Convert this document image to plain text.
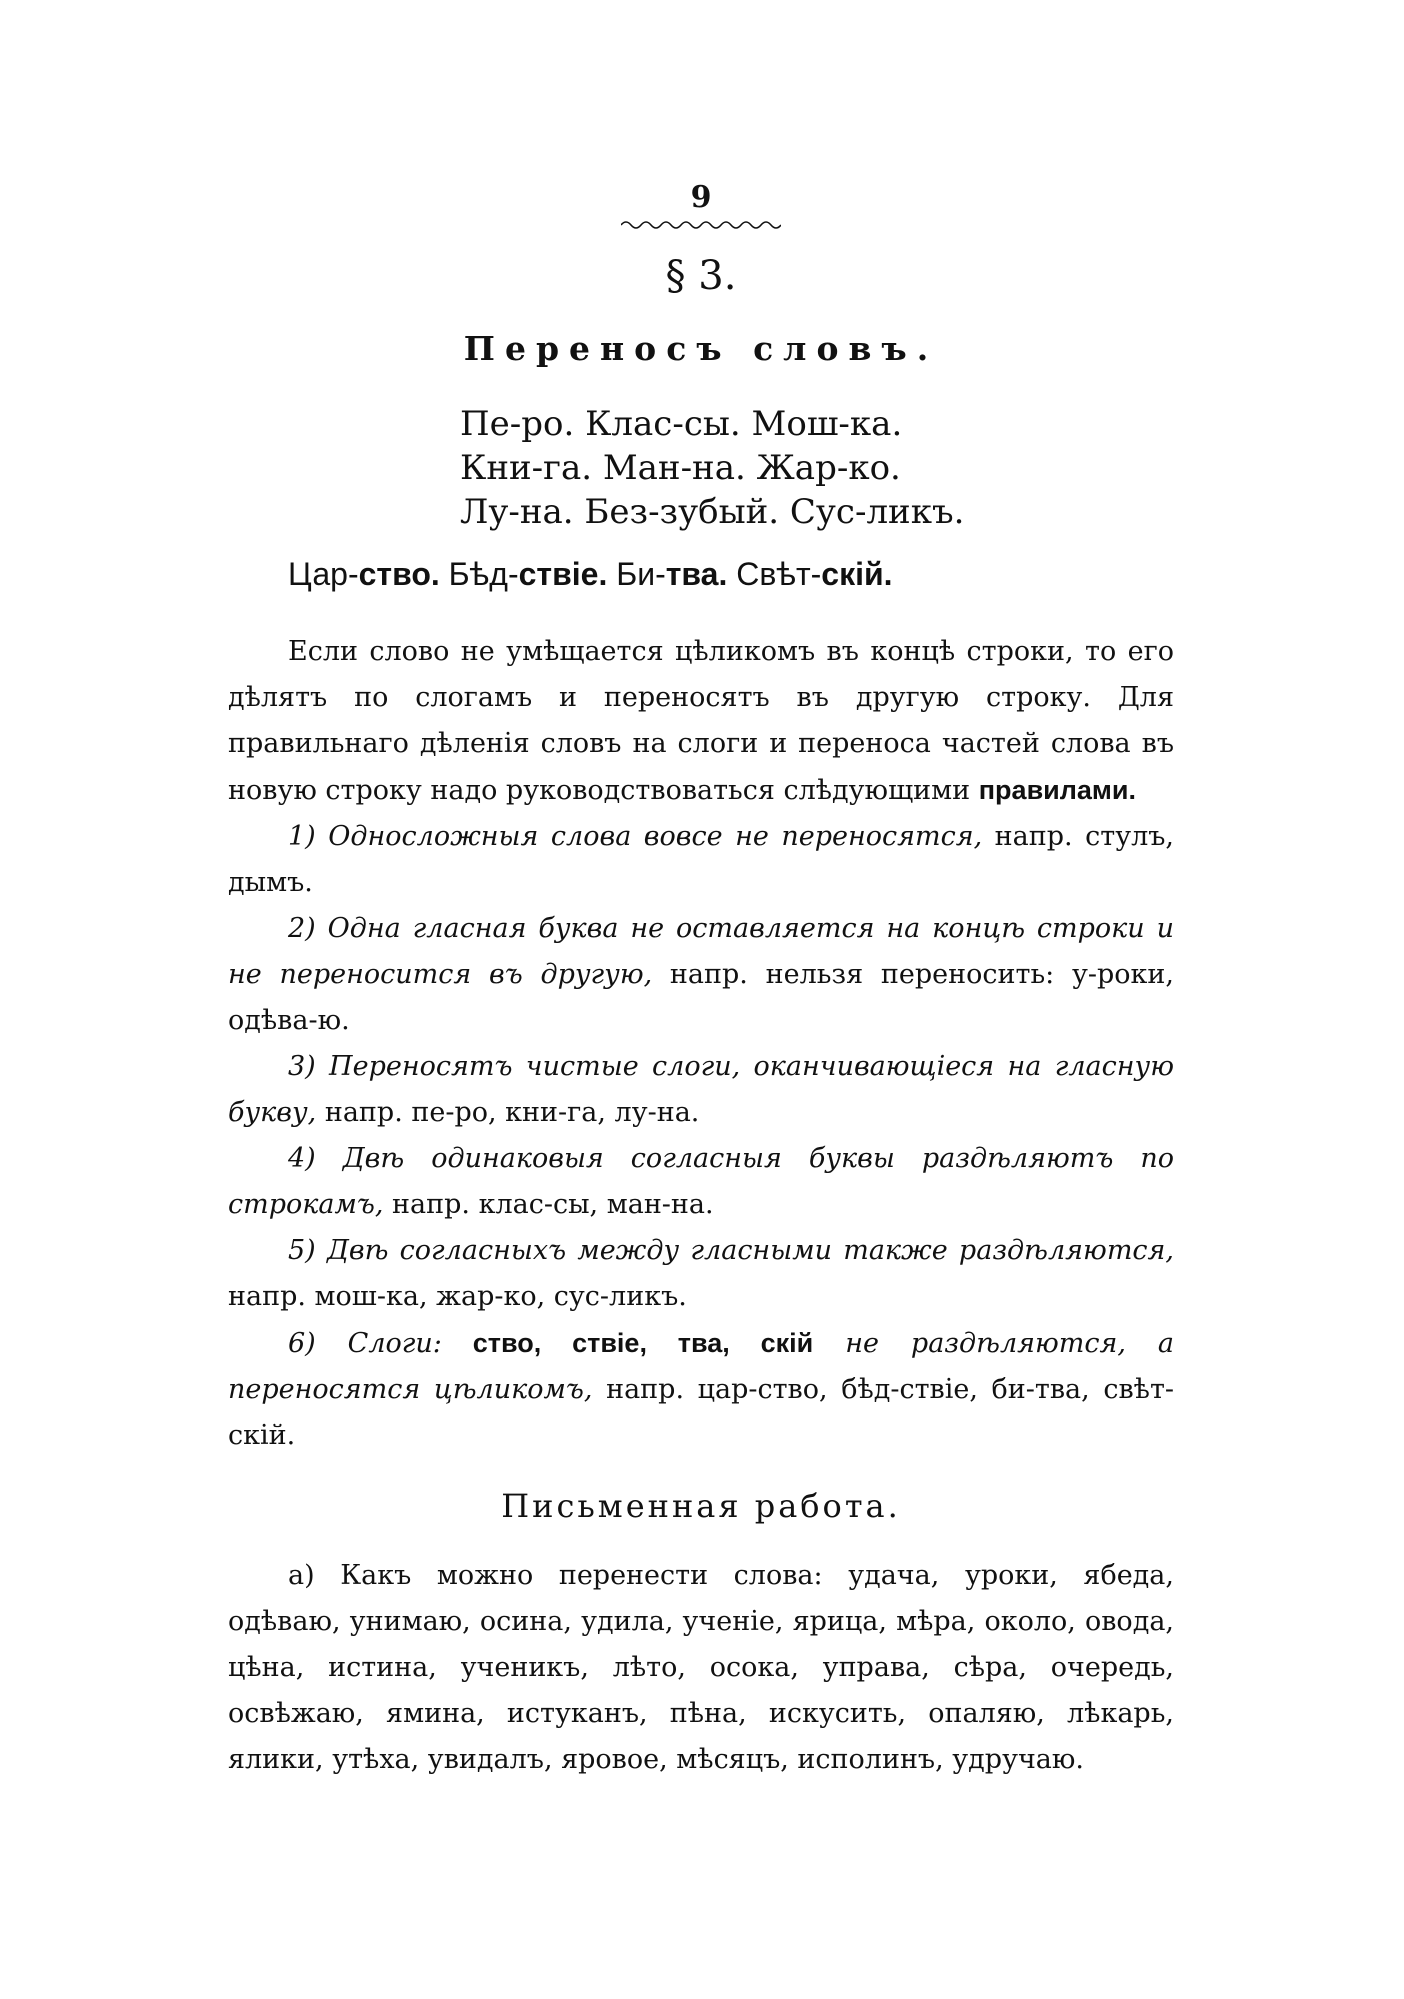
9
§ 3.
Переносъ словъ.
Пе-ро. Клас-сы. Мош-ка.
Кни-га. Ман-на. Жар-ко.
Лу-на. Без-зубый. Сус-ликъ.
Цар-ство. Бѣд-ствіе. Би-тва. Свѣт-скій.

Если слово не умѣщается цѣликомъ въ концѣ строки, то его дѣлятъ по слогамъ и переносятъ въ другую строку. Для правильнаго дѣленія словъ на слоги и переноса частей слова въ новую строку надо руководствоваться слѣдующими правилами.

1) Односложныя слова вовсе не переносятся, напр. стулъ, дымъ.

2) Одна гласная буква не оставляется на концѣ строки и не переносится въ другую, напр. нельзя переносить: у-роки, одѣва-ю.

3) Переносятъ чистые слоги, оканчивающіеся на гласную букву, напр. пе-ро, кни-га, лу-на.

4) Двѣ одинаковыя согласныя буквы раздѣляютъ по строкамъ, напр. клас-сы, ман-на.

5) Двѣ согласныхъ между гласными также раздѣляются, напр. мош-ка, жар-ко, сус-ликъ.

6) Слоги: ство, ствіе, тва, скій не раздѣляются, а переносятся цѣликомъ, напр. цар-ство, бѣд-ствіе, би-тва, свѣт-скій.

Письменная работа.

а) Какъ можно перенести слова: удача, уроки, ябеда, одѣваю, унимаю, осина, удила, ученіе, ярица, мѣра, около, овода, цѣна, истина, ученикъ, лѣто, осока, управа, сѣра, очередь, освѣжаю, ямина, истуканъ, пѣна, искусить, опаляю, лѣкарь, ялики, утѣха, увидалъ, яровое, мѣсяцъ, исполинъ, удручаю.
